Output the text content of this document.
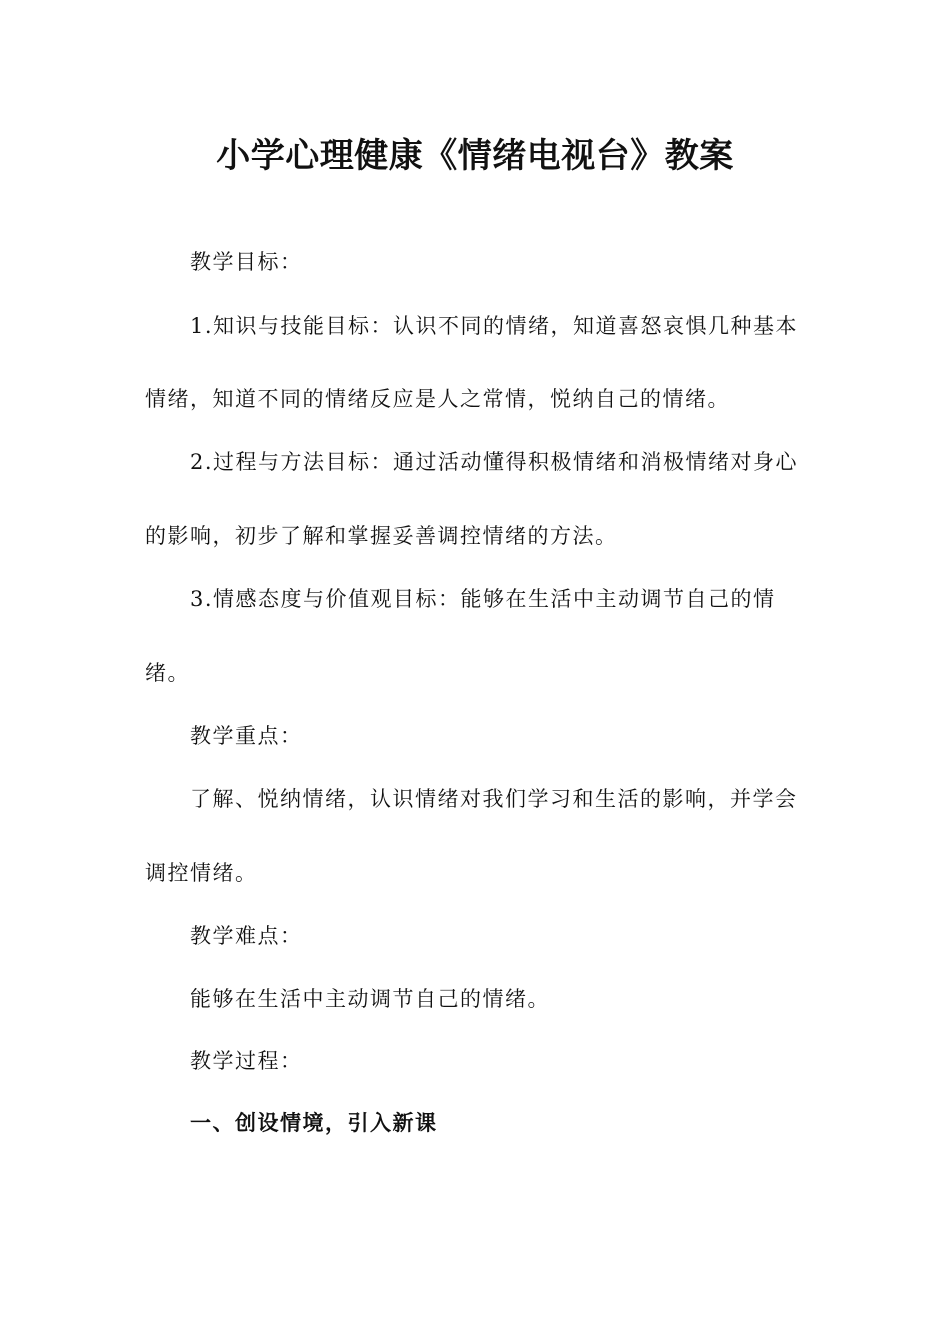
小学心理健康《情绪电视台》教案
教学目标：
1.知识与技能目标：认识不同的情绪，知道喜怒哀惧几种基本
情绪，知道不同的情绪反应是人之常情，悦纳自己的情绪。
2.过程与方法目标：通过活动懂得积极情绪和消极情绪对身心
的影响，初步了解和掌握妥善调控情绪的方法。
3.情感态度与价值观目标：能够在生活中主动调节自己的情
绪。
教学重点：
了解、悦纳情绪，认识情绪对我们学习和生活的影响，并学会
调控情绪。
教学难点：
能够在生活中主动调节自己的情绪。
教学过程：
一、创设情境，引入新课
